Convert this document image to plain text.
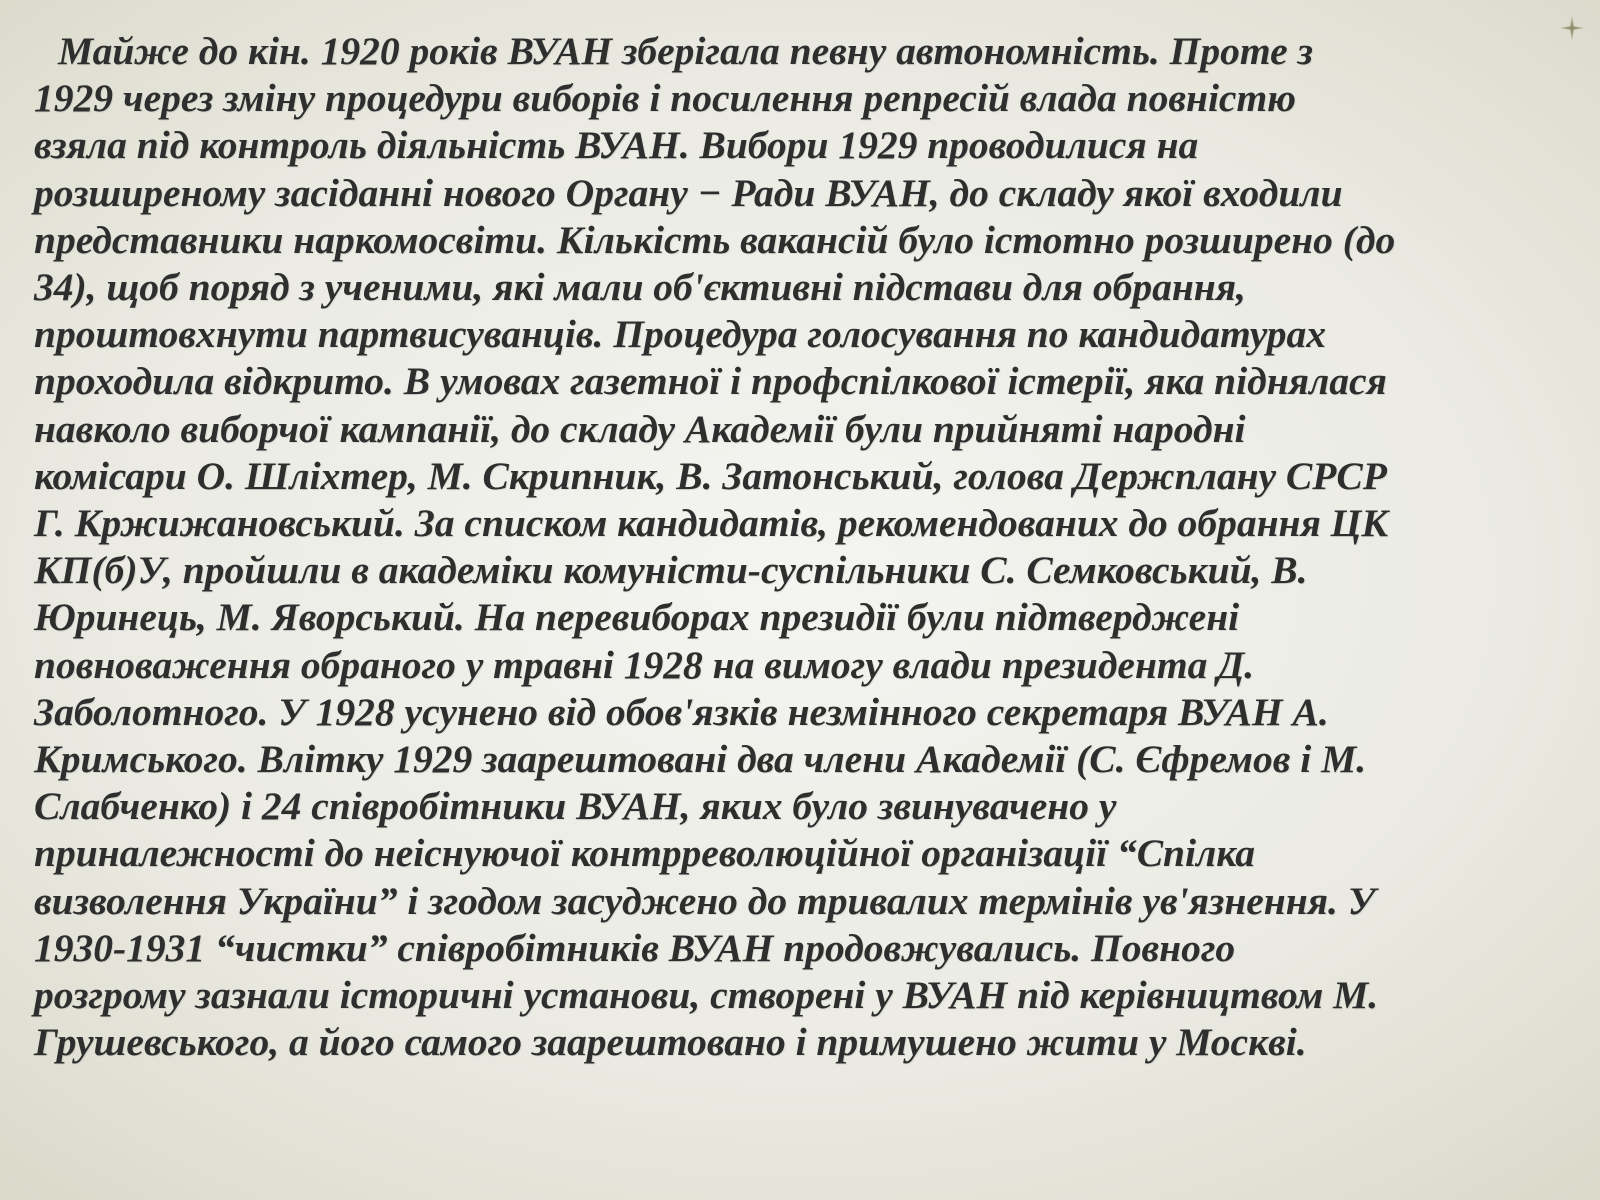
Майже до кін. 1920 років ВУАН зберігала певну автономність. Проте з
1929 через зміну процедури виборів і посилення репресій влада повністю
взяла під контроль діяльність ВУАН. Вибори 1929 проводилися на
розширеному засіданні нового Органу − Ради ВУАН, до складу якої входили
представники наркомосвіти. Кількість вакансій було істотно розширено (до
34), щоб поряд з ученими, які мали об'єктивні підстави для обрання,
проштовхнути партвисуванців. Процедура голосування по кандидатурах
проходила відкрито. В умовах газетної і профспілкової істерії, яка піднялася
навколо виборчої кампанії, до складу Академії були прийняті народні
комісари О. Шліхтер, М. Скрипник, В. Затонський, голова Держплану СРСР
Г. Кржижановський. За списком кандидатів, рекомендованих до обрання ЦК
КП(б)У, пройшли в академіки комуністи-суспільники С. Семковський, В.
Юринець, М. Яворський. На перевиборах президії були підтверджені
повноваження обраного у травні 1928 на вимогу влади президента Д.
Заболотного. У 1928 усунено від обов'язків незмінного секретаря ВУАН А.
Кримського. Влітку 1929 заарештовані два члени Академії (С. Єфремов і М.
Слабченко) і 24 співробітники ВУАН, яких було звинувачено у
приналежності до неіснуючої контрреволюційної організації “Спілка
визволення України” і згодом засуджено до тривалих термінів ув'язнення. У
1930-1931 “чистки” співробітників ВУАН продовжувались. Повного
розгрому зазнали історичні установи, створені у ВУАН під керівництвом М.
Грушевського, а його самого заарештовано і примушено жити у Москві.
